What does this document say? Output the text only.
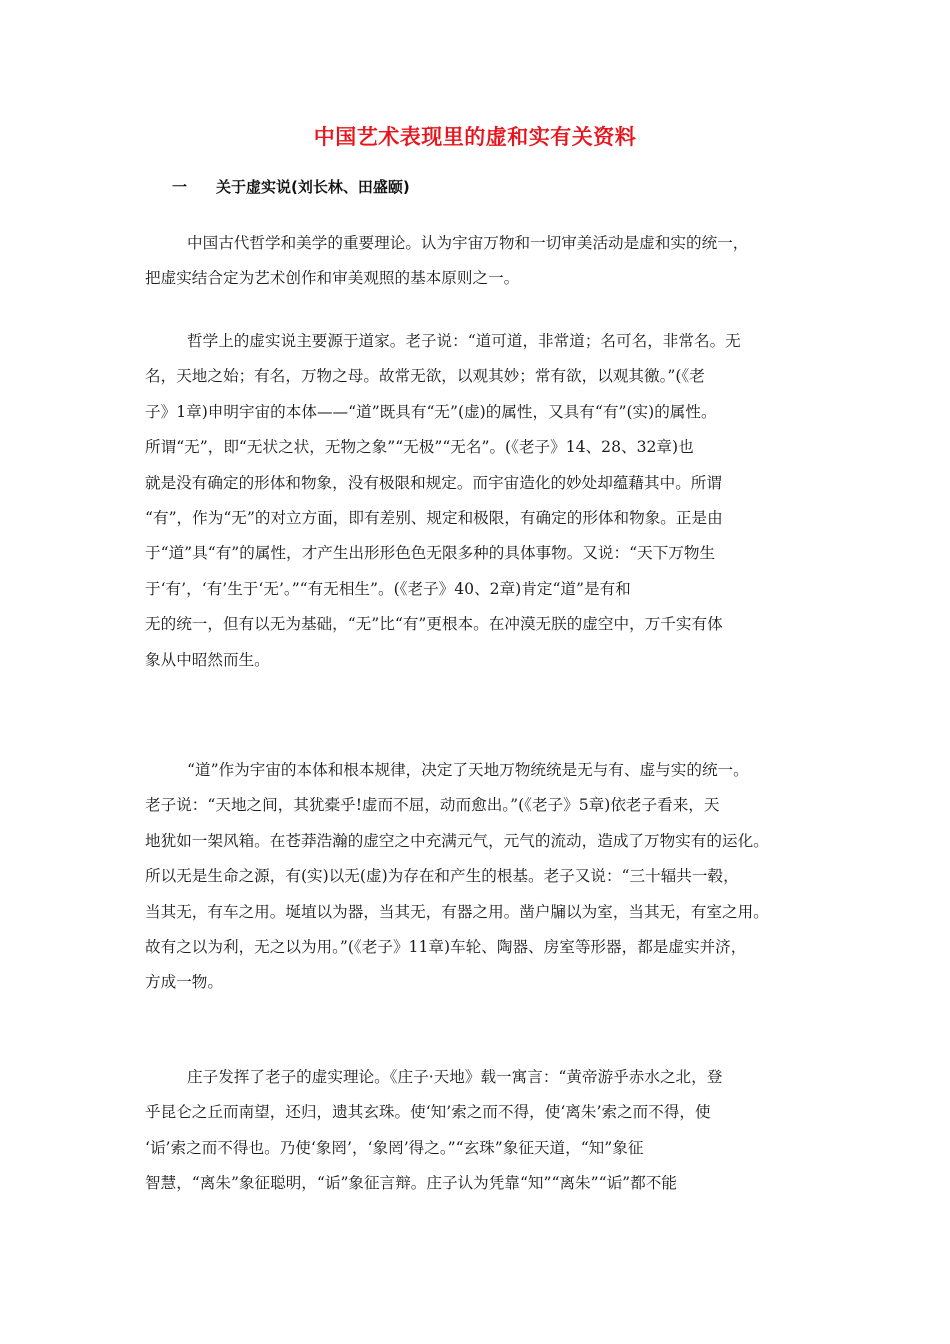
中国艺术表现里的虚和实有关资料
一 关于虚实说(刘长林、田盛颐)
中国古代哲学和美学的重要理论。认为宇宙万物和一切审美活动是虚和实的统一，
把虚实结合定为艺术创作和审美观照的基本原则之一。
哲学上的虚实说主要源于道家。老子说：“道可道，非常道；名可名，非常名。无
名，天地之始；有名，万物之母。故常无欲，以观其妙；常有欲，以观其徼。”(《老
子》1章)申明宇宙的本体——“道”既具有“无”(虚)的属性，又具有“有”(实)的属性。
所谓“无”，即“无状之状，无物之象”“无极”“无名”。(《老子》14、28、32章)也
就是没有确定的形体和物象，没有极限和规定。而宇宙造化的妙处却蕴藉其中。所谓
“有”，作为“无”的对立方面，即有差别、规定和极限，有确定的形体和物象。正是由
于“道”具“有”的属性，才产生出形形色色无限多种的具体事物。又说：“天下万物生
于‘有’，‘有’生于‘无’。”“有无相生”。(《老子》40、2章)肯定“道”是有和
无的统一，但有以无为基础，“无”比“有”更根本。在冲漠无朕的虚空中，万千实有体
象从中昭然而生。
“道”作为宇宙的本体和根本规律，决定了天地万物统统是无与有、虚与实的统一。
老子说：“天地之间，其犹橐乎!虚而不屈，动而愈出。”(《老子》5章)依老子看来，天
地犹如一架风箱。在苍莽浩瀚的虚空之中充满元气，元气的流动，造成了万物实有的运化。
所以无是生命之源，有(实)以无(虚)为存在和产生的根基。老子又说：“三十辐共一毂，
当其无，有车之用。埏埴以为器，当其无，有器之用。凿户牖以为室，当其无，有室之用。
故有之以为利，无之以为用。”(《老子》11章)车轮、陶器、房室等形器，都是虚实并济，
方成一物。
庄子发挥了老子的虚实理论。《庄子·天地》载一寓言：“黄帝游乎赤水之北，登
乎昆仑之丘而南望，还归，遗其玄珠。使‘知’索之而不得，使‘离朱’索之而不得，使
‘诟’索之而不得也。乃使‘象罔’，‘象罔’得之。”“玄珠”象征天道，“知”象征
智慧，“离朱”象征聪明，“诟”象征言辩。庄子认为凭靠“知”“离朱”“诟”都不能
